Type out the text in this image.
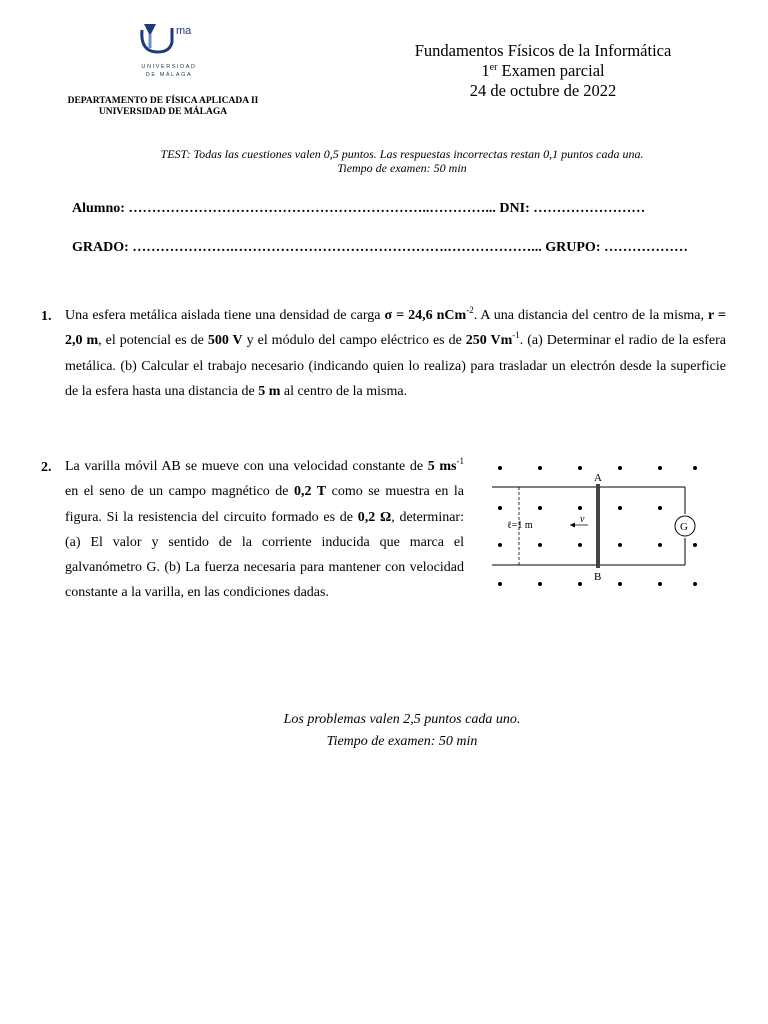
ma
UNIVERSIDAD
DE MÁLAGA
DEPARTAMENTO DE FÍSICA APLICADA II
UNIVERSIDAD DE MÁLAGA
Fundamentos Físicos de la Informática
1er Examen parcial
24 de octubre de 2022
TEST: Todas las cuestiones valen 0,5 puntos. Las respuestas incorrectas restan 0,1 puntos cada una.
Tiempo de examen: 50 min
Alumno: ………………………………………………………..…………... DNI: ……………………
GRADO: ………………….……………………………………….………………... GRUPO: ………………
1. Una esfera metálica aislada tiene una densidad de carga σ = 24,6 nCm$^{-2}$. A una distancia del centro de la misma, r = 2,0 m, el potencial es de 500 V y el módulo del campo eléctrico es de 250 $Vm^{-1}$. (a) Determinar el radio de la esfera metálica. (b) Calcular el trabajo necesario (indicando quien lo realiza) para trasladar un electrón desde la superficie de la esfera hasta una distancia de 5 m al centro de la misma.
2. La varilla móvil AB se mueve con una velocidad constante de 5 $ms^{-1}$ en el seno de un campo magnético de 0,2 T como se muestra en la figura. Si la resistencia del circuito formado es de 0,2 Ω, determinar: (a) El valor y sentido de la corriente inducida que marca el galvanómetro G. (b) La fuerza necesaria para mantener con velocidad constante a la varilla, en las condiciones dadas.
G
A
B
ℓ=1 m
v
Los problemas valen 2,5 puntos cada uno.
Tiempo de examen: 50 min
